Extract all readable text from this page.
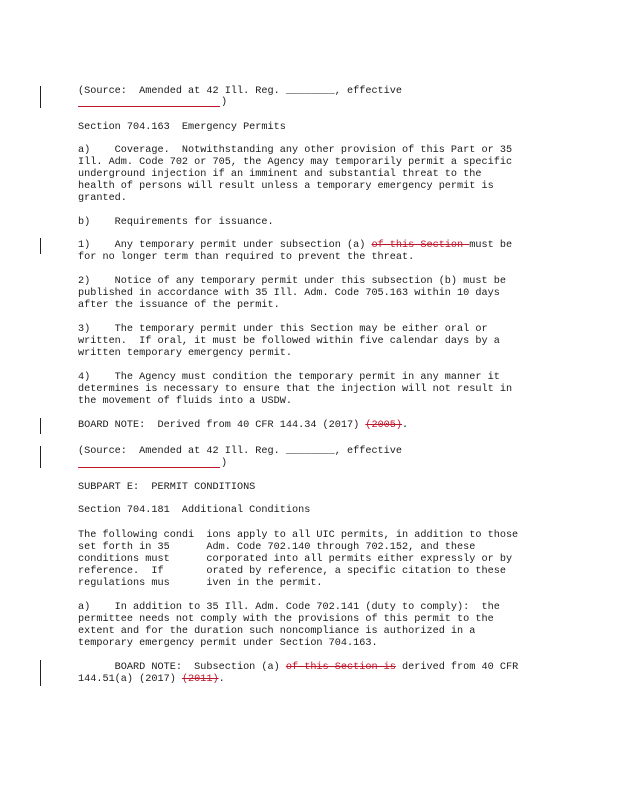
(Source:  Amended at 42 Ill. Reg. ________, effective

)

Section 704.163  Emergency Permits

a)    Coverage.  Notwithstanding any other provision of this Part or 35

Ill. Adm. Code 702 or 705, the Agency may temporarily permit a specific

underground injection if an imminent and substantial threat to the

health of persons will result unless a temporary emergency permit is

granted.

b)    Requirements for issuance.

1)    Any temporary permit under subsection (a) of this Section must be

for no longer term than required to prevent the threat.

2)    Notice of any temporary permit under this subsection (b) must be

published in accordance with 35 Ill. Adm. Code 705.163 within 10 days

after the issuance of the permit.

3)    The temporary permit under this Section may be either oral or

written.  If oral, it must be followed within five calendar days by a

written temporary emergency permit.

4)    The Agency must condition the temporary permit in any manner it

determines is necessary to ensure that the injection will not result in

the movement of fluids into a USDW.

BOARD NOTE:  Derived from 40 CFR 144.34 (2017) (2005).

(Source:  Amended at 42 Ill. Reg. ________, effective

)

SUBPART E:  PERMIT CONDITIONS

Section 704.181  Additional Conditions

The following condi  ions apply to all UIC permits, in addition to those

set forth in 35      Adm. Code 702.140 through 702.152, and these

conditions must      corporated into all permits either expressly or by

reference.  If       orated by reference, a specific citation to these

regulations mus      iven in the permit.

a)    In addition to 35 Ill. Adm. Code 702.141 (duty to comply):  the

permittee needs not comply with the provisions of this permit to the

extent and for the duration such noncompliance is authorized in a

temporary emergency permit under Section 704.163.

BOARD NOTE:  Subsection (a) of this Section is derived from 40 CFR

144.51(a) (2017) (2011).
